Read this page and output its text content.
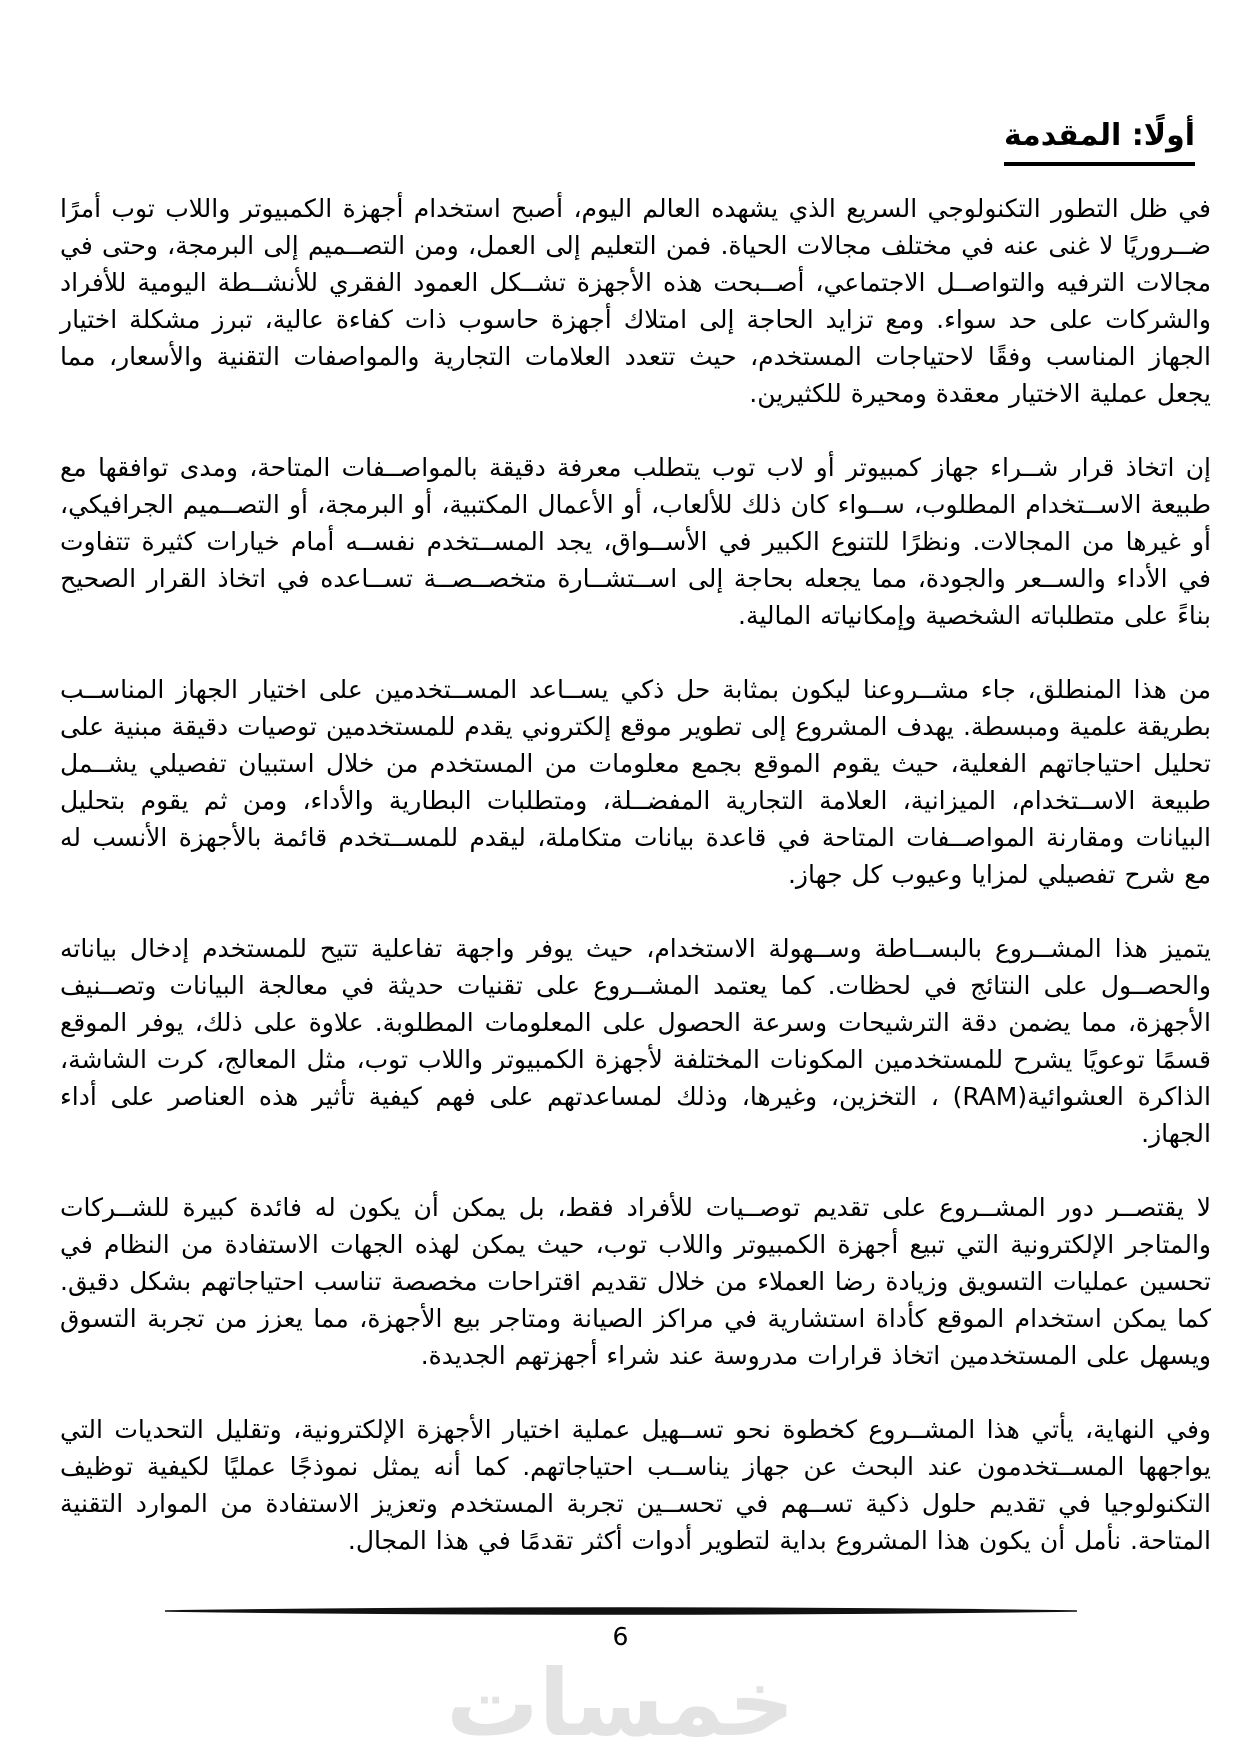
أولًا: المقدمة

في ظل التطور التكنولوجي السريع الذي يشهده العالم اليوم، أصبح استخدام أجهزة الكمبيوتر واللاب توب أمرًا ضــروريًا لا غنى عنه في مختلف مجالات الحياة. فمن التعليم إلى العمل، ومن التصــميم إلى البرمجة، وحتى في مجالات الترفيه والتواصــل الاجتماعي، أصــبحت هذه الأجهزة تشــكل العمود الفقري للأنشــطة اليومية للأفراد والشركات على حد سواء. ومع تزايد الحاجة إلى امتلاك أجهزة حاسوب ذات كفاءة عالية، تبرز مشكلة اختيار الجهاز المناسب وفقًا لاحتياجات المستخدم، حيث تتعدد العلامات التجارية والمواصفات التقنية والأسعار، مما يجعل عملية الاختيار معقدة ومحيرة للكثيرين.

إن اتخاذ قرار شــراء جهاز كمبيوتر أو لاب توب يتطلب معرفة دقيقة بالمواصــفات المتاحة، ومدى توافقها مع طبيعة الاســتخدام المطلوب، ســواء كان ذلك للألعاب، أو الأعمال المكتبية، أو البرمجة، أو التصــميم الجرافيكي، أو غيرها من المجالات. ونظرًا للتنوع الكبير في الأســواق، يجد المســتخدم نفســه أمام خيارات كثيرة تتفاوت في الأداء والســعر والجودة، مما يجعله بحاجة إلى اســتشــارة متخصــصــة تســاعده في اتخاذ القرار الصحيح بناءً على متطلباته الشخصية وإمكانياته المالية.

من هذا المنطلق، جاء مشــروعنا ليكون بمثابة حل ذكي يســاعد المســتخدمين على اختيار الجهاز المناســب بطريقة علمية ومبسطة. يهدف المشروع إلى تطوير موقع إلكتروني يقدم للمستخدمين توصيات دقيقة مبنية على تحليل احتياجاتهم الفعلية، حيث يقوم الموقع بجمع معلومات من المستخدم من خلال استبيان تفصيلي يشــمل طبيعة الاســتخدام، الميزانية، العلامة التجارية المفضــلة، ومتطلبات البطارية والأداء، ومن ثم يقوم بتحليل البيانات ومقارنة المواصــفات المتاحة في قاعدة بيانات متكاملة، ليقدم للمســتخدم قائمة بالأجهزة الأنسب له مع شرح تفصيلي لمزايا وعيوب كل جهاز.

يتميز هذا المشــروع بالبســاطة وســهولة الاستخدام، حيث يوفر واجهة تفاعلية تتيح للمستخدم إدخال بياناته والحصــول على النتائج في لحظات. كما يعتمد المشــروع على تقنيات حديثة في معالجة البيانات وتصــنيف الأجهزة، مما يضمن دقة الترشيحات وسرعة الحصول على المعلومات المطلوبة. علاوة على ذلك، يوفر الموقع قسمًا توعويًا يشرح للمستخدمين المكونات المختلفة لأجهزة الكمبيوتر واللاب توب، مثل المعالج، كرت الشاشة، الذاكرة العشوائية(RAM) ، التخزين، وغيرها، وذلك لمساعدتهم على فهم كيفية تأثير هذه العناصر على أداء الجهاز.

لا يقتصــر دور المشــروع على تقديم توصــيات للأفراد فقط، بل يمكن أن يكون له فائدة كبيرة للشــركات والمتاجر الإلكترونية التي تبيع أجهزة الكمبيوتر واللاب توب، حيث يمكن لهذه الجهات الاستفادة من النظام في تحسين عمليات التسويق وزيادة رضا العملاء من خلال تقديم اقتراحات مخصصة تناسب احتياجاتهم بشكل دقيق. كما يمكن استخدام الموقع كأداة استشارية في مراكز الصيانة ومتاجر بيع الأجهزة، مما يعزز من تجربة التسوق ويسهل على المستخدمين اتخاذ قرارات مدروسة عند شراء أجهزتهم الجديدة.

وفي النهاية، يأتي هذا المشــروع كخطوة نحو تســهيل عملية اختيار الأجهزة الإلكترونية، وتقليل التحديات التي يواجهها المســتخدمون عند البحث عن جهاز يناســب احتياجاتهم. كما أنه يمثل نموذجًا عمليًا لكيفية توظيف التكنولوجيا في تقديم حلول ذكية تســهم في تحســين تجربة المستخدم وتعزيز الاستفادة من الموارد التقنية المتاحة. نأمل أن يكون هذا المشروع بداية لتطوير أدوات أكثر تقدمًا في هذا المجال.

6
خمسات
